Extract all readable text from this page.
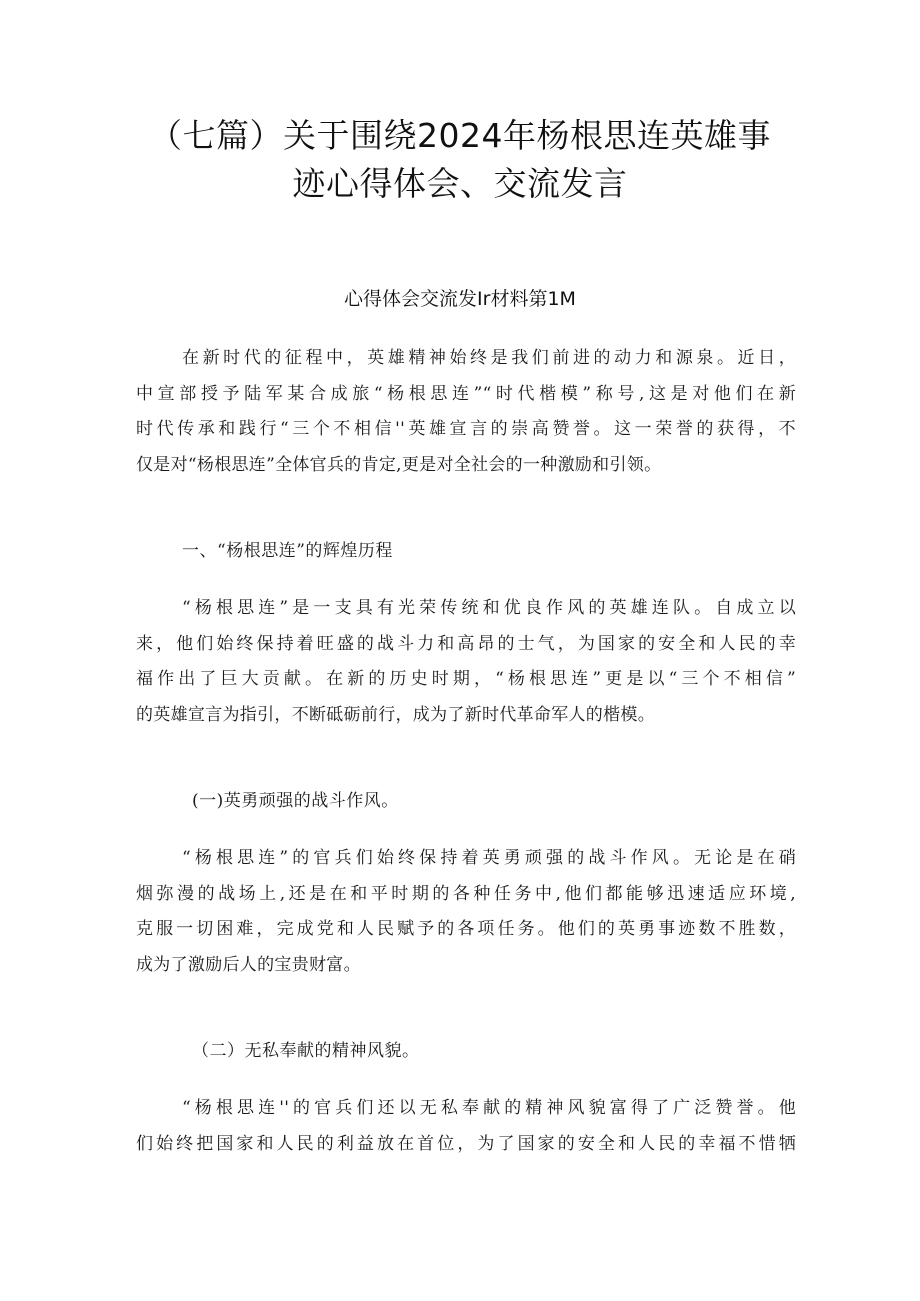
（七篇）关于围绕2024年杨根思连英雄事
迹心得体会、交流发言
心得体会交流发Ir材料第1M
在新时代的征程中，英雄精神始终是我们前进的动力和源泉。近日，
中宣部授予陆军某合成旅“杨根思连”“时代楷模”称号,这是对他们在新
时代传承和践行“三个不相信''英雄宣言的崇高赞誉。这一荣誉的获得，不
仅是对“杨根思连”全体官兵的肯定,更是对全社会的一种激励和引领。
一、“杨根思连”的辉煌历程
“杨根思连”是一支具有光荣传统和优良作风的英雄连队。自成立以
来，他们始终保持着旺盛的战斗力和高昂的士气，为国家的安全和人民的幸
福作出了巨大贡献。在新的历史时期，“杨根思连”更是以“三个不相信”
的英雄宣言为指引，不断砥砺前行，成为了新时代革命军人的楷模。
(一)英勇顽强的战斗作风。
“杨根思连”的官兵们始终保持着英勇顽强的战斗作风。无论是在硝
烟弥漫的战场上,还是在和平时期的各种任务中,他们都能够迅速适应环境,
克服一切困难，完成党和人民赋予的各项任务。他们的英勇事迹数不胜数，
成为了激励后人的宝贵财富。
（二）无私奉献的精神风貌。
“杨根思连''的官兵们还以无私奉献的精神风貌富得了广泛赞誉。他
们始终把国家和人民的利益放在首位，为了国家的安全和人民的幸福不惜牺
